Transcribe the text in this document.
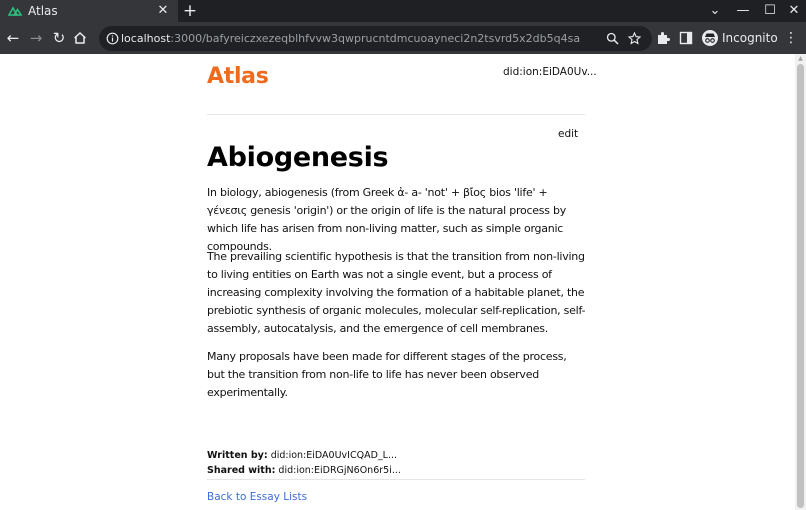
Atlas	✕ +	⌄ — ☐ ✕
← → ↻	localhost:3000/bafyreiczxezeqblhfvvw3qwprucntdmcuoayneci2n2tsvrd5x2db5q4sa	Incognito ⋮
Atlas	did:ion:EiDA0Uv...
edit
Abiogenesis

In biology, abiogenesis (from Greek ἀ- a- 'not' + βῐ́ος bios 'life' + γένεσις genesis 'origin') or the origin of life is the natural process by which life has arisen from non-living matter, such as simple organic compounds.

The prevailing scientific hypothesis is that the transition from non-living to living entities on Earth was not a single event, but a process of increasing complexity involving the formation of a habitable planet, the prebiotic synthesis of organic molecules, molecular self-replication, self-assembly, autocatalysis, and the emergence of cell membranes.

Many proposals have been made for different stages of the process, but the transition from non-life to life has never been observed experimentally.

Written by: did:ion:EiDA0UvICQAD_L...
Shared with: did:ion:EiDRGjN6On6r5i...
Back to Essay Lists
▲
